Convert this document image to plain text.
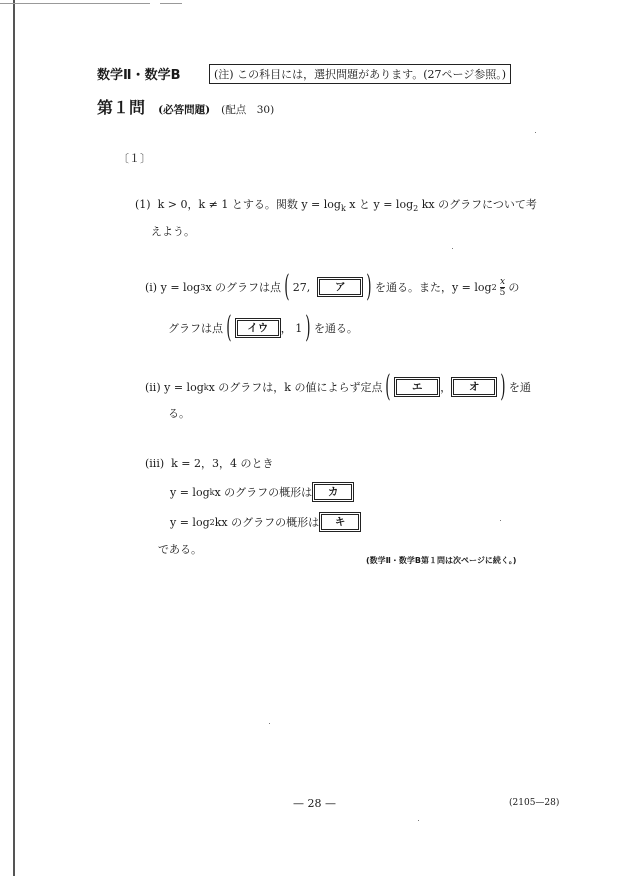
数学Ⅱ・数学B	(注) この科目には，選択問題があります。(27ページ参照。)
第１問 (必答問題) (配点　30)
〔１〕
(1) k > 0，k ≠ 1 とする。関数 $y = \log_k x$ と $y = \log_2$ kx のグラフについて考
えよう。
(i)
y = log 3 x のグラフは点 ( 27,
	ア ) を通る。また，$y = \log 2 \frac{x}{5}$ の
グラフは点 (	イウ	， 1 ) を通る。
(ii)
y = log k x のグラフは，k の値によらず定点 (	エ	，	オ ) を通
る。
(iii) k = 2，3，4 のとき
y = log k x のグラフの概形は	カ
y = log 2 kx のグラフの概形は	キ
である。
(数学Ⅱ・数学B第１問は次ページに続く。)
— 28 —	(2105—28)
